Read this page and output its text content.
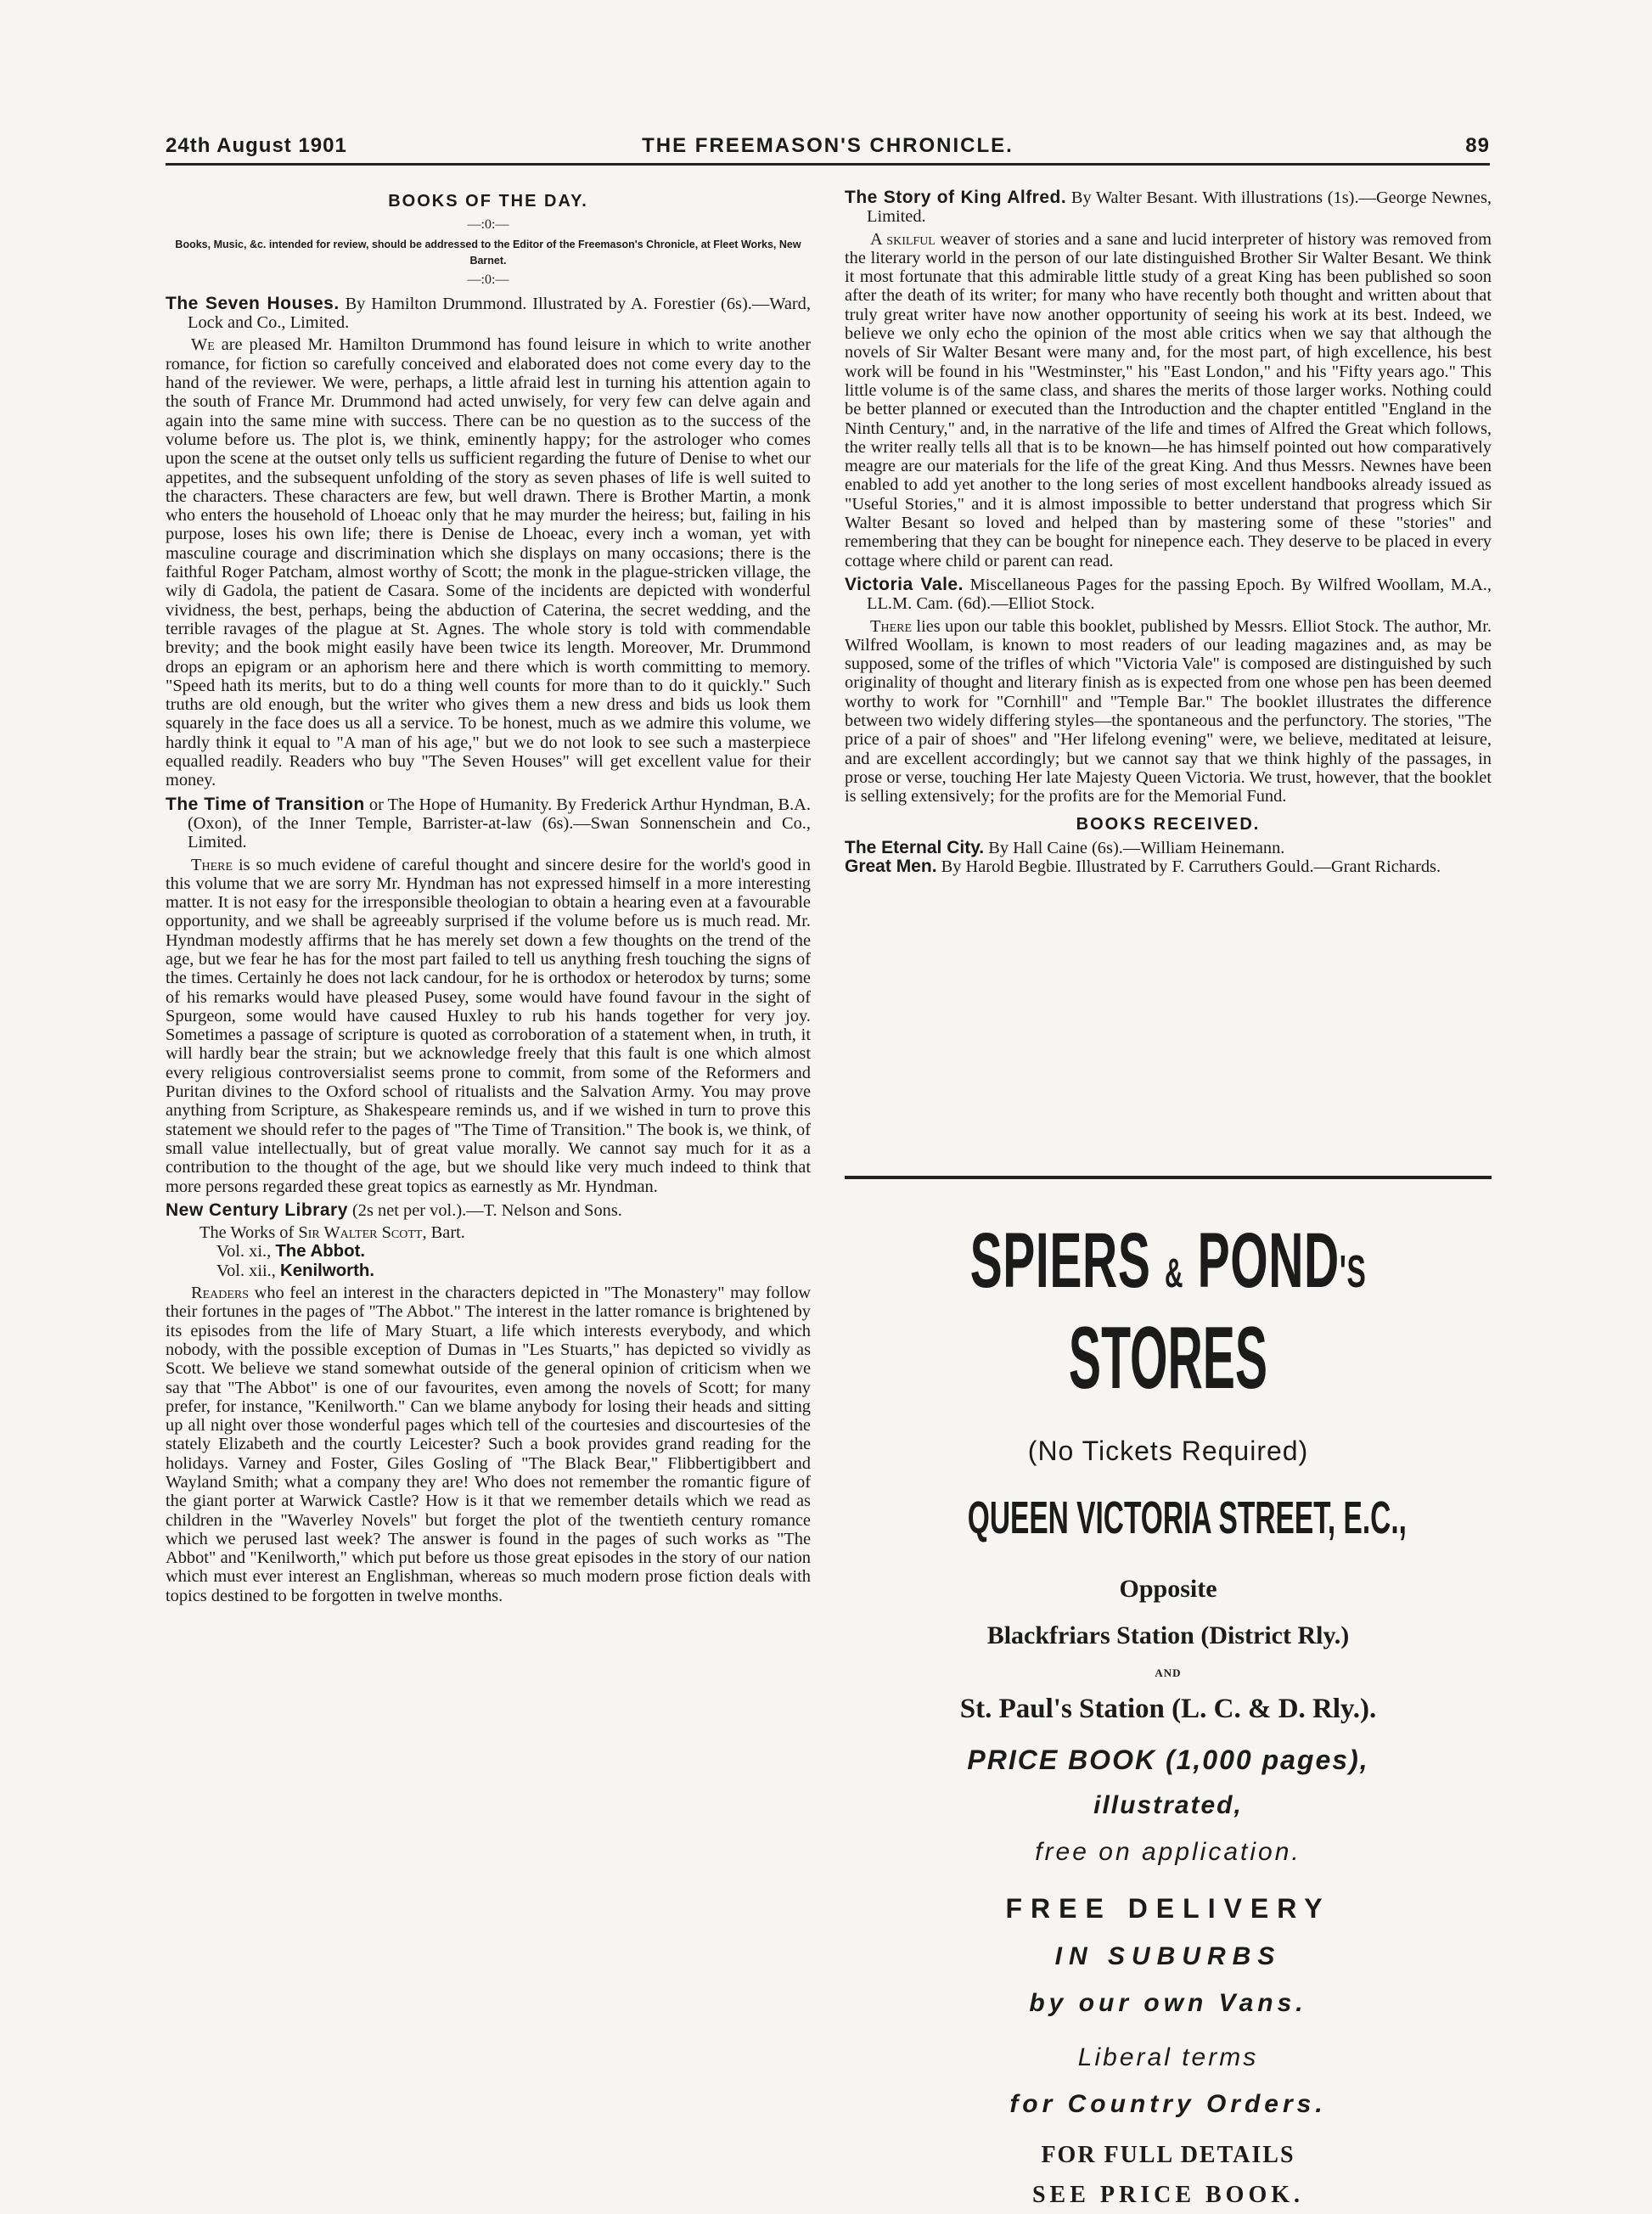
24th August 1901	THE FREEMASON'S CHRONICLE.	89
BOOKS OF THE DAY.
—:0:—
Books, Music, &c. intended for review, should be addressed to the Editor of the Freemason's Chronicle, at Fleet Works, New Barnet.
—:0:—
The Seven Houses. By Hamilton Drummond. Illustrated by A. Forestier (6s).—Ward, Lock and Co., Limited.

We are pleased Mr. Hamilton Drummond has found leisure in which to write another romance, for fiction so carefully conceived and elaborated does not come every day to the hand of the reviewer. We were, perhaps, a little afraid lest in turning his attention again to the south of France Mr. Drummond had acted unwisely, for very few can delve again and again into the same mine with success. There can be no question as to the success of the volume before us. The plot is, we think, eminently happy; for the astrologer who comes upon the scene at the outset only tells us sufficient regarding the future of Denise to whet our appetites, and the subsequent unfolding of the story as seven phases of life is well suited to the characters. These characters are few, but well drawn. There is Brother Martin, a monk who enters the household of Lhoeac only that he may murder the heiress; but, failing in his purpose, loses his own life; there is Denise de Lhoeac, every inch a woman, yet with masculine courage and discrimination which she displays on many occasions; there is the faithful Roger Patcham, almost worthy of Scott; the monk in the plague-stricken village, the wily di Gadola, the patient de Casara. Some of the incidents are depicted with wonderful vividness, the best, perhaps, being the abduction of Caterina, the secret wedding, and the terrible ravages of the plague at St. Agnes. The whole story is told with commendable brevity; and the book might easily have been twice its length. Moreover, Mr. Drummond drops an epigram or an aphorism here and there which is worth committing to memory. "Speed hath its merits, but to do a thing well counts for more than to do it quickly." Such truths are old enough, but the writer who gives them a new dress and bids us look them squarely in the face does us all a service. To be honest, much as we admire this volume, we hardly think it equal to "A man of his age," but we do not look to see such a masterpiece equalled readily. Readers who buy "The Seven Houses" will get excellent value for their money.

The Time of Transition or The Hope of Humanity. By Frederick Arthur Hyndman, B.A. (Oxon), of the Inner Temple, Barrister-at-law (6s).—Swan Sonnenschein and Co., Limited.

There is so much evidene of careful thought and sincere desire for the world's good in this volume that we are sorry Mr. Hyndman has not expressed himself in a more interesting matter. It is not easy for the irresponsible theologian to obtain a hearing even at a favourable opportunity, and we shall be agreeably surprised if the volume before us is much read. Mr. Hyndman modestly affirms that he has merely set down a few thoughts on the trend of the age, but we fear he has for the most part failed to tell us anything fresh touching the signs of the times. Certainly he does not lack candour, for he is orthodox or heterodox by turns; some of his remarks would have pleased Pusey, some would have found favour in the sight of Spurgeon, some would have caused Huxley to rub his hands together for very joy. Sometimes a passage of scripture is quoted as corroboration of a statement when, in truth, it will hardly bear the strain; but we acknowledge freely that this fault is one which almost every religious controversialist seems prone to commit, from some of the Reformers and Puritan divines to the Oxford school of ritualists and the Salvation Army. You may prove anything from Scripture, as Shakespeare reminds us, and if we wished in turn to prove this statement we should refer to the pages of "The Time of Transition." The book is, we think, of small value intellectually, but of great value morally. We cannot say much for it as a contribution to the thought of the age, but we should like very much indeed to think that more persons regarded these great topics as earnestly as Mr. Hyndman.

New Century Library (2s net per vol.).—T. Nelson and Sons.
The Works of Sir Walter Scott, Bart.
Vol. xi., The Abbot.
Vol. xii., Kenilworth.

Readers who feel an interest in the characters depicted in "The Monastery" may follow their fortunes in the pages of "The Abbot." The interest in the latter romance is brightened by its episodes from the life of Mary Stuart, a life which interests everybody, and which nobody, with the possible exception of Dumas in "Les Stuarts," has depicted so vividly as Scott. We believe we stand somewhat outside of the general opinion of criticism when we say that "The Abbot" is one of our favourites, even among the novels of Scott; for many prefer, for instance, "Kenilworth." Can we blame anybody for losing their heads and sitting up all night over those wonderful pages which tell of the courtesies and discourtesies of the stately Elizabeth and the courtly Leicester? Such a book provides grand reading for the holidays. Varney and Foster, Giles Gosling of "The Black Bear," Flibbertigibbert and Wayland Smith; what a company they are! Who does not remember the romantic figure of the giant porter at Warwick Castle? How is it that we remember details which we read as children in the "Waverley Novels" but forget the plot of the twentieth century romance which we perused last week? The answer is found in the pages of such works as "The Abbot" and "Kenilworth," which put before us those great episodes in the story of our nation which must ever interest an Englishman, whereas so much modern prose fiction deals with topics destined to be forgotten in twelve months.

The Story of King Alfred. By Walter Besant. With illustrations (1s).—George Newnes, Limited.

A skilful weaver of stories and a sane and lucid interpreter of history was removed from the literary world in the person of our late distinguished Brother Sir Walter Besant. We think it most fortunate that this admirable little study of a great King has been published so soon after the death of its writer; for many who have recently both thought and written about that truly great writer have now another opportunity of seeing his work at its best. Indeed, we believe we only echo the opinion of the most able critics when we say that although the novels of Sir Walter Besant were many and, for the most part, of high excellence, his best work will be found in his "Westminster," his "East London," and his "Fifty years ago." This little volume is of the same class, and shares the merits of those larger works. Nothing could be better planned or executed than the Introduction and the chapter entitled "England in the Ninth Century," and, in the narrative of the life and times of Alfred the Great which follows, the writer really tells all that is to be known—he has himself pointed out how comparatively meagre are our materials for the life of the great King. And thus Messrs. Newnes have been enabled to add yet another to the long series of most excellent handbooks already issued as "Useful Stories," and it is almost impossible to better understand that progress which Sir Walter Besant so loved and helped than by mastering some of these "stories" and remembering that they can be bought for ninepence each. They deserve to be placed in every cottage where child or parent can read.

Victoria Vale. Miscellaneous Pages for the passing Epoch. By Wilfred Woollam, M.A., LL.M. Cam. (6d).—Elliot Stock.

There lies upon our table this booklet, published by Messrs. Elliot Stock. The author, Mr. Wilfred Woollam, is known to most readers of our leading magazines and, as may be supposed, some of the trifles of which "Victoria Vale" is composed are distinguished by such originality of thought and literary finish as is expected from one whose pen has been deemed worthy to work for "Cornhill" and "Temple Bar." The booklet illustrates the difference between two widely differing styles—the spontaneous and the perfunctory. The stories, "The price of a pair of shoes" and "Her lifelong evening" were, we believe, meditated at leisure, and are excellent accordingly; but we cannot say that we think highly of the passages, in prose or verse, touching Her late Majesty Queen Victoria. We trust, however, that the booklet is selling extensively; for the profits are for the Memorial Fund.

BOOKS RECEIVED.
The Eternal City. By Hall Caine (6s).—William Heinemann.
Great Men. By Harold Begbie. Illustrated by F. Carruthers Gould.—Grant Richards.
SPIERS & POND'S
STORES
(No Tickets Required)
QUEEN VICTORIA STREET, E.C.,
Opposite
Blackfriars Station (District Rly.)
AND
St. Paul's Station (L. C. & D. Rly.).
PRICE BOOK (1,000 pages),
illustrated,
free on application.
FREE DELIVERY
IN SUBURBS
by our own Vans.
Liberal terms
for Country Orders.
FOR FULL DETAILS
SEE PRICE BOOK.
